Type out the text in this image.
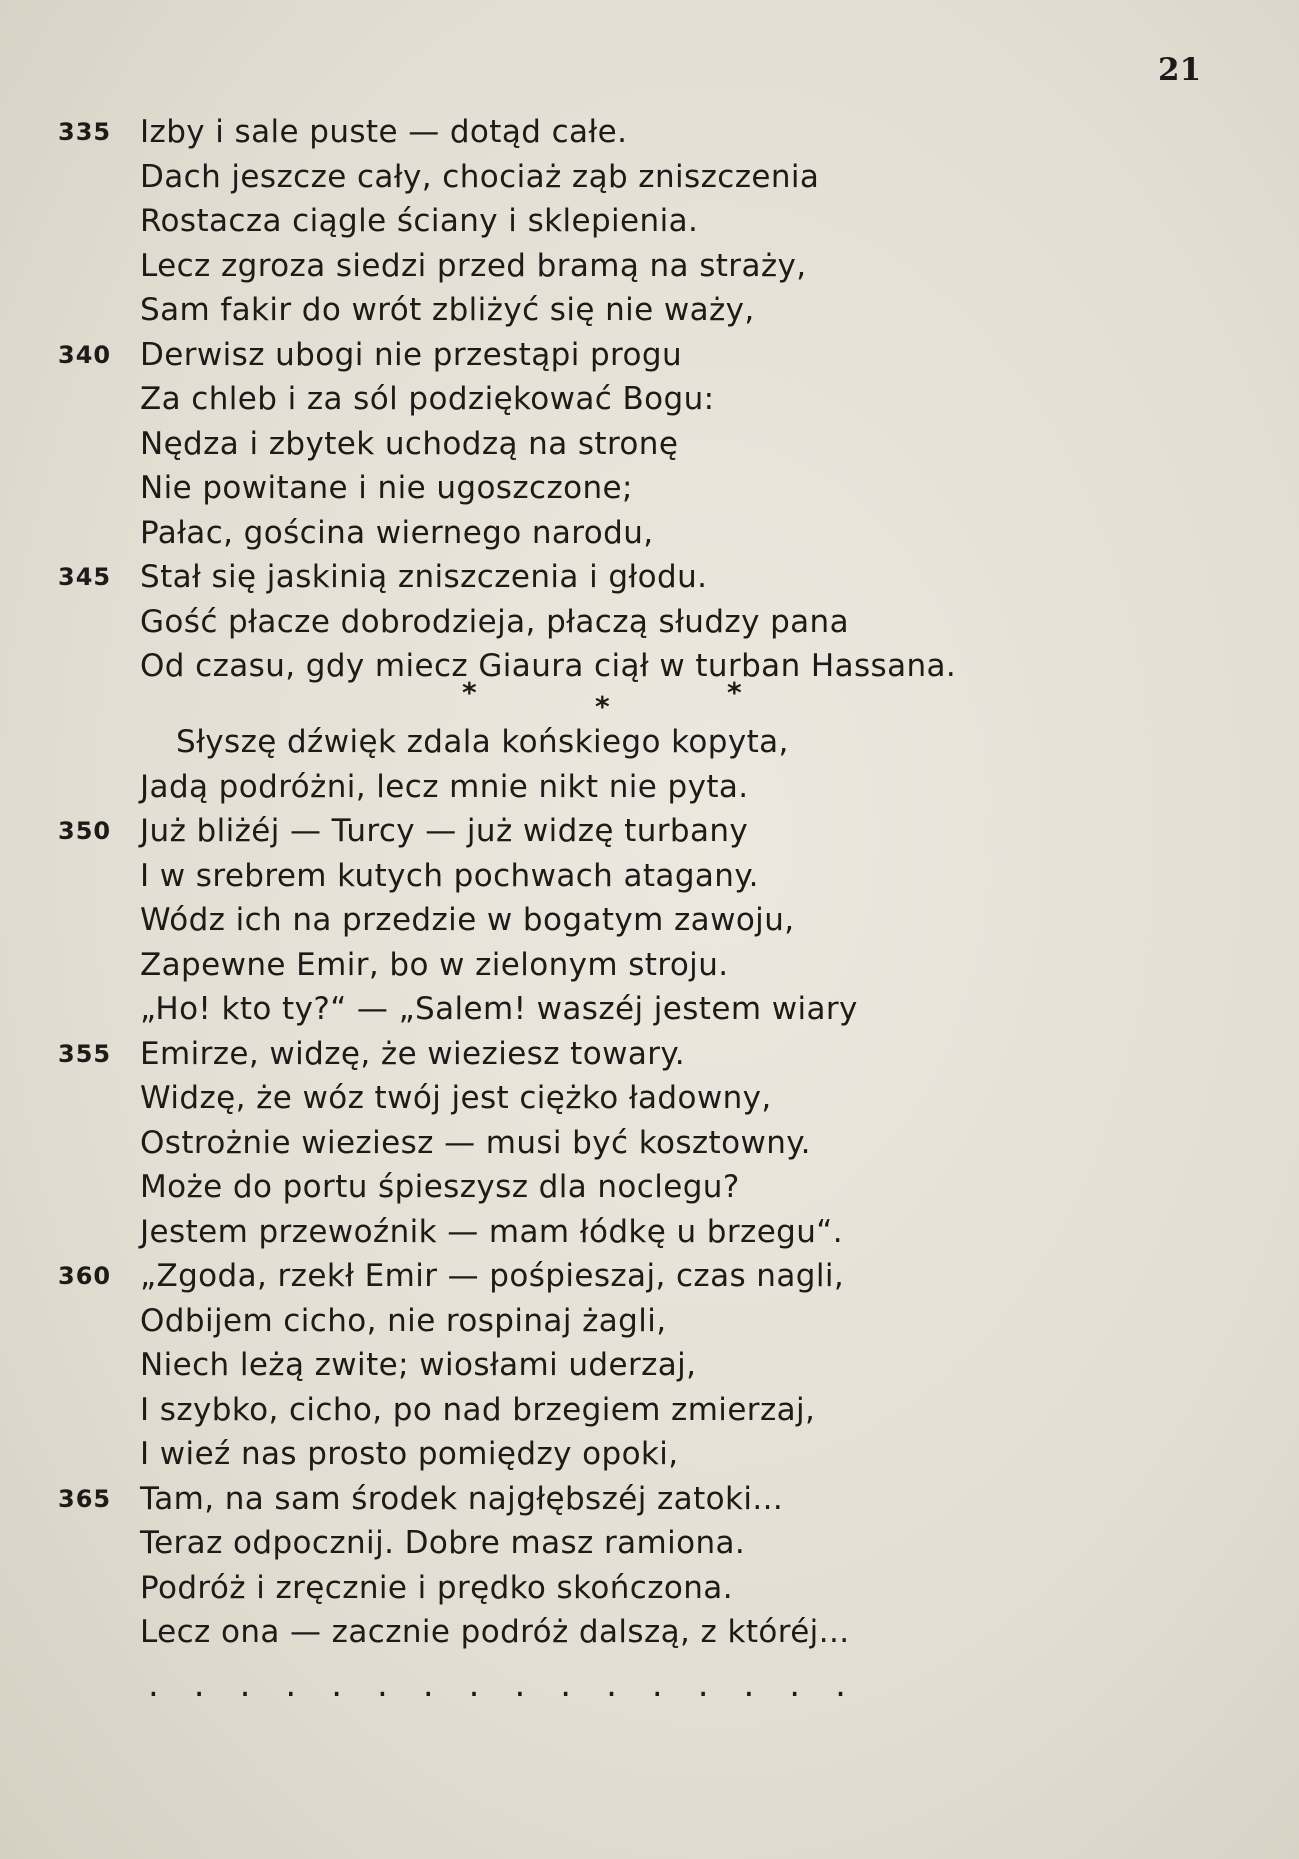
21
335 Izby i sale puste — dotąd całe.
Dach jeszcze cały, chociaż ząb zniszczenia
Rostacza ciągle ściany i sklepienia.
Lecz zgroza siedzi przed bramą na straży,
Sam fakir do wrót zbliżyć się nie waży,
340 Derwisz ubogi nie przestąpi progu
Za chleb i za sól podziękować Bogu:
Nędza i zbytek uchodzą na stronę
Nie powitane i nie ugoszczone;
Pałac, gościna wiernego narodu,
345 Stał się jaskinią zniszczenia i głodu.
Gość płacze dobrodzieja, płaczą słudzy pana
Od czasu, gdy miecz Giaura ciął w turban Hassana.
*	*	*
Słyszę dźwięk zdala końskiego kopyta,
Jadą podróżni, lecz mnie nikt nie pyta.
350 Już bliżéj — Turcy — już widzę turbany
I w srebrem kutych pochwach atagany.
Wódz ich na przedzie w bogatym zawoju,
Zapewne Emir, bo w zielonym stroju.
„Ho! kto ty?“ — „Salem! waszéj jestem wiary
355 Emirze, widzę, że wieziesz towary.
Widzę, że wóz twój jest ciężko ładowny,
Ostrożnie wieziesz — musi być kosztowny.
Może do portu śpieszysz dla noclegu?
Jestem przewoźnik — mam łódkę u brzegu“.
360 „Zgoda, rzekł Emir — pośpieszaj, czas nagli,
Odbijem cicho, nie rospinaj żagli,
Niech leżą zwite; wiosłami uderzaj,
I szybko, cicho, po nad brzegiem zmierzaj,
I wieź nas prosto pomiędzy opoki,
365 Tam, na sam środek najgłębszéj zatoki...
Teraz odpocznij. Dobre masz ramiona.
Podróż i zręcznie i prędko skończona.
Lecz ona — zacznie podróż dalszą, z któréj...
................
